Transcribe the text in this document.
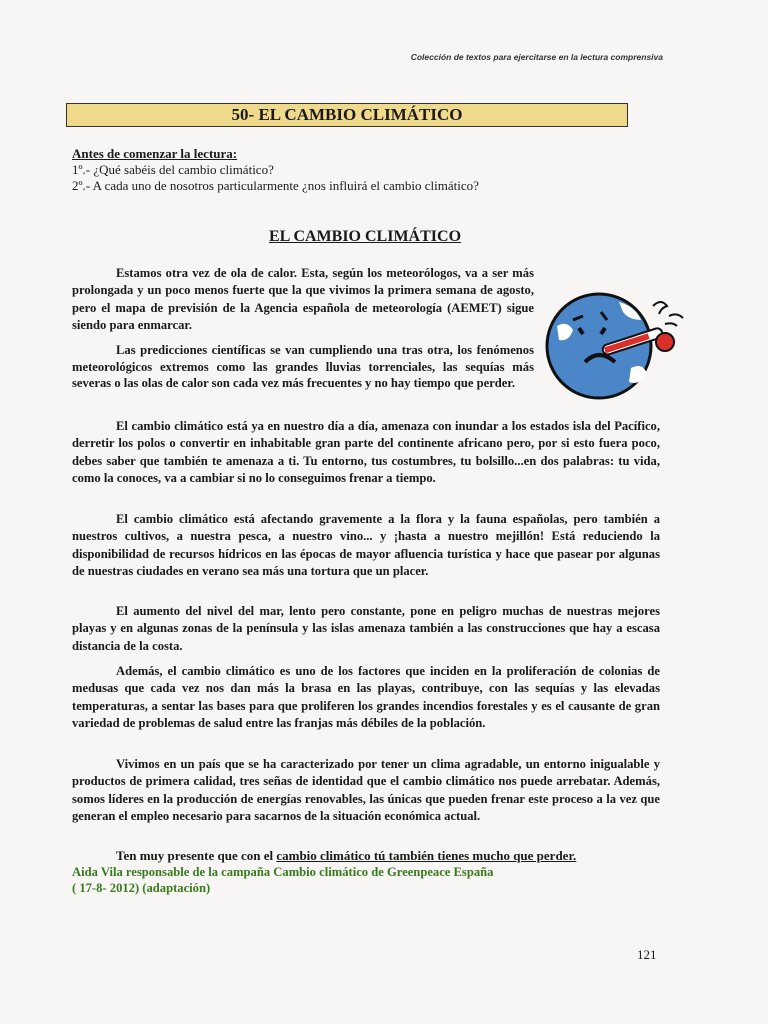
Colección de textos para ejercitarse en la lectura comprensiva
50- EL CAMBIO CLIMÁTICO
Antes de comenzar la lectura:
1º.- ¿Qué sabéis del cambio climático?
2º.- A cada uno de nosotros particularmente ¿nos influirá el cambio climático?
EL CAMBIO CLIMÁTICO
Estamos otra vez de ola de calor. Esta, según los meteorólogos, va a ser más prolongada y un poco menos fuerte que la que vivimos la primera semana de agosto, pero el mapa de previsión de la Agencia española de meteorología (AEMET) sigue siendo para enmarcar.
Las predicciones científicas se van cumpliendo una tras otra, los fenómenos meteorológicos extremos como las grandes lluvias torrenciales, las sequías más severas o las olas de calor son cada vez más frecuentes y no hay tiempo que perder.
El cambio climático está ya en nuestro día a día, amenaza con inundar a los estados isla del Pacífico, derretir los polos o convertir en inhabitable gran parte del continente africano pero, por si esto fuera poco, debes saber que también te amenaza a ti. Tu entorno, tus costumbres, tu bolsillo...en dos palabras: tu vida, como la conoces, va a cambiar si no lo conseguimos frenar a tiempo.
El cambio climático está afectando gravemente a la flora y la fauna españolas, pero también a nuestros cultivos, a nuestra pesca, a nuestro vino... y ¡hasta a nuestro mejillón! Está reduciendo la disponibilidad de recursos hídricos en las épocas de mayor afluencia turística y hace que pasear por algunas de nuestras ciudades en verano sea más una tortura que un placer.
El aumento del nivel del mar, lento pero constante, pone en peligro muchas de nuestras mejores playas y en algunas zonas de la península y las islas amenaza también a las construcciones que hay a escasa distancia de la costa.
Además, el cambio climático es uno de los factores que inciden en la proliferación de colonias de medusas que cada vez nos dan más la brasa en las playas, contribuye, con las sequías y las elevadas temperaturas, a sentar las bases para que proliferen los grandes incendios forestales y es el causante de gran variedad de problemas de salud entre las franjas más débiles de la población.
Vivimos en un país que se ha caracterizado por tener un clima agradable, un entorno inigualable y productos de primera calidad, tres señas de identidad que el cambio climático nos puede arrebatar. Además, somos líderes en la producción de energías renovables, las únicas que pueden frenar este proceso a la vez que generan el empleo necesario para sacarnos de la situación económica actual.
Ten muy presente que con el cambio climático tú también tienes mucho que perder.
Aida Vila responsable de la campaña Cambio climático de Greenpeace España
( 17-8- 2012) (adaptación)
121
